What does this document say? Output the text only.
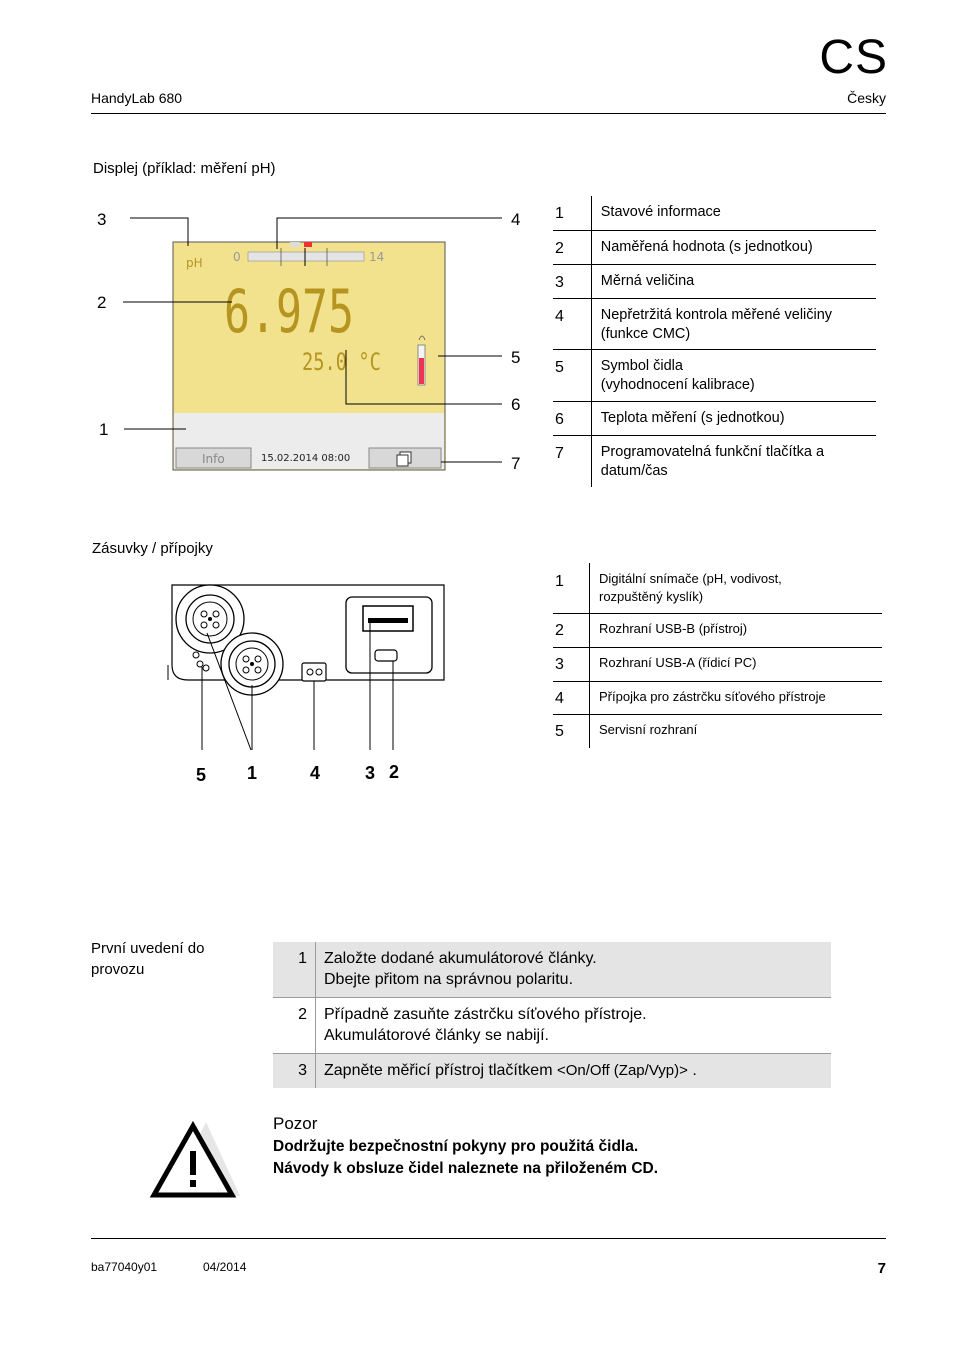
CS
HandyLab 680	Česky
Displej (příklad: měření pH)
pH	0	14
6.975
25.0 °C
Info	15.02.2014 08:00
3
2
1
4
5
6
7
1	Stavové informace
2	Naměřená hodnota (s jednotkou)
3	Měrná veličina
4	Nepřetržitá kontrola měřené veličiny (funkce CMC)
5	Symbol čidla (vyhodnocení kalibrace)

6	Teplota měření (s jednotkou)
7	Programovatelná funkční tlačítka a datum/čas
Zásuvky / přípojky
5 1	4 3 2
1	Digitální snímače (pH, vodivost, rozpuštěný kyslík)

2	Rozhraní USB-B (přístroj)
3	Rozhraní USB-A (řídicí PC)
4	Přípojka pro zástrčku síťového přístroje
5	Servisní rozhraní
První uvedení do provozu
1	Založte dodané akumulátorové články.
Dbejte přitom na správnou polaritu.

2	Případně zasuňte zástrčku síťového přístroje.
Akumulátorové články se nabijí.

3	Zapněte měřicí přístroj tlačítkem <On/Off (Zap/Vyp)> .
Pozor
Dodržujte bezpečnostní pokyny pro použitá čidla.
Návody k obsluze čidel naleznete na přiloženém CD.
ba77040y01	04/2014	7
